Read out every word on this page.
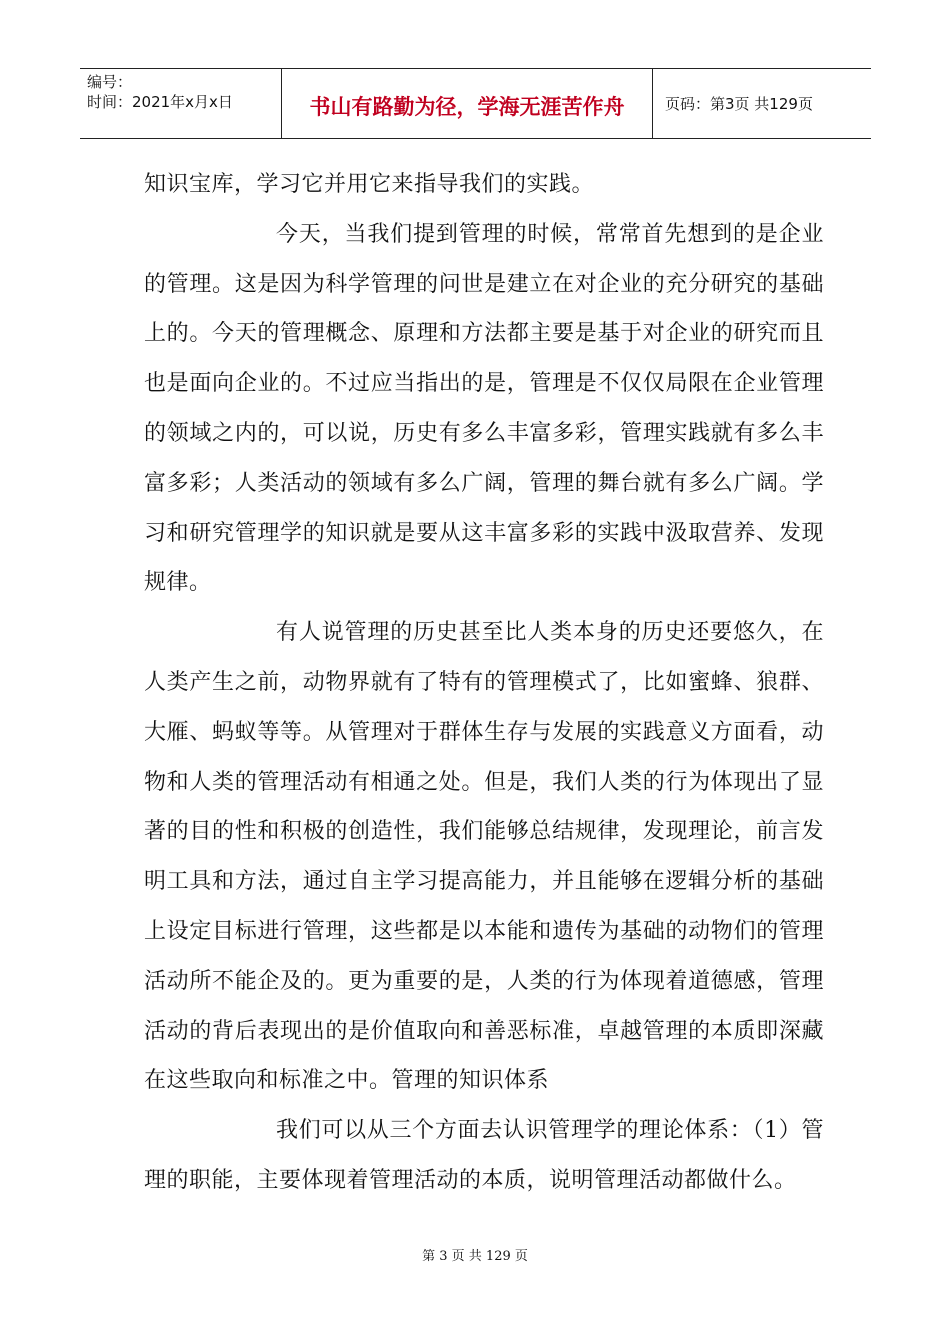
编号：
时间：2021年x月x日	书山有路勤为径，学海无涯苦作舟	页码：第3页 共129页

知识宝库，学习它并用它来指导我们的实践。

今天，当我们提到管理的时候，常常首先想到的是企业的管理。这是因为科学管理的问世是建立在对企业的充分研究的基础上的。今天的管理概念、原理和方法都主要是基于对企业的研究而且也是面向企业的。不过应当指出的是，管理是不仅仅局限在企业管理的领域之内的，可以说，历史有多么丰富多彩，管理实践就有多么丰富多彩；人类活动的领域有多么广阔，管理的舞台就有多么广阔。学习和研究管理学的知识就是要从这丰富多彩的实践中汲取营养、发现规律。

有人说管理的历史甚至比人类本身的历史还要悠久，在人类产生之前，动物界就有了特有的管理模式了，比如蜜蜂、狼群、大雁、蚂蚁等等。从管理对于群体生存与发展的实践意义方面看，动物和人类的管理活动有相通之处。但是，我们人类的行为体现出了显著的目的性和积极的创造性，我们能够总结规律，发现理论，前言发明工具和方法，通过自主学习提高能力，并且能够在逻辑分析的基础上设定目标进行管理，这些都是以本能和遗传为基础的动物们的管理活动所不能企及的。更为重要的是，人类的行为体现着道德感，管理活动的背后表现出的是价值取向和善恶标准，卓越管理的本质即深藏在这些取向和标准之中。管理的知识体系

我们可以从三个方面去认识管理学的理论体系：（1）管理的职能，主要体现着管理活动的本质，说明管理活动都做什么。

第 3 页 共 129 页
